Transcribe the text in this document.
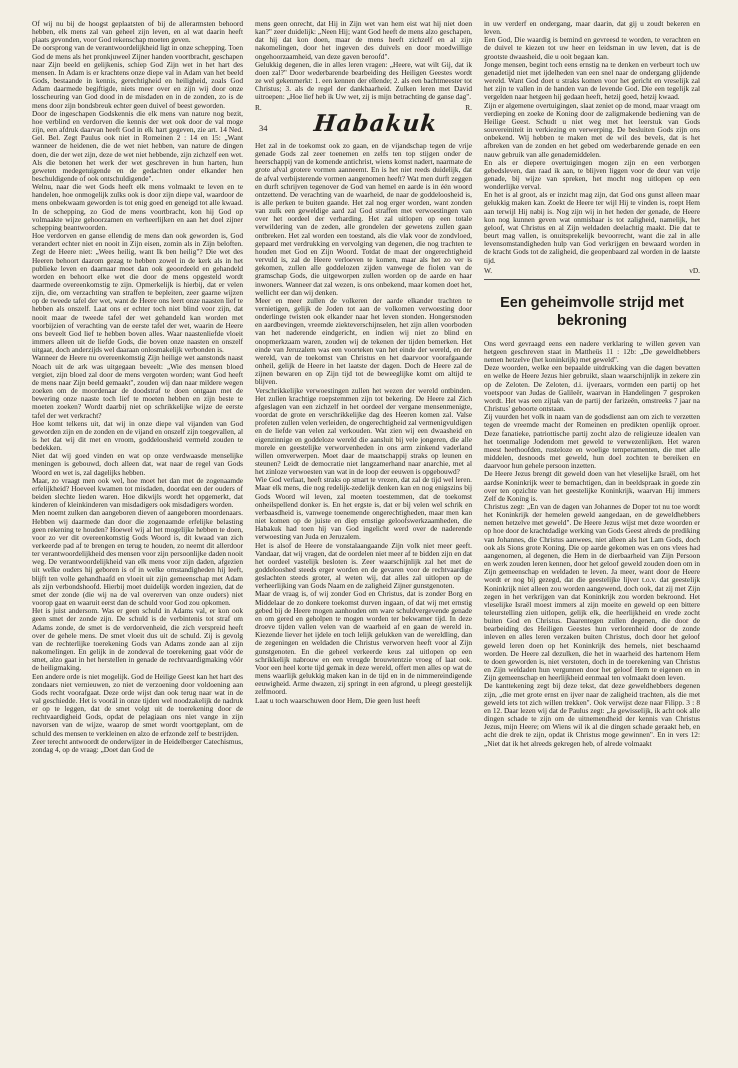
Of wij nu bij de hoogst geplaatsten of bij de allerarmsten behoord hebben, elk mens zal van geheel zijn leven, en al wat daarin heeft plaats gevonden, voor God rekenschap moeten geven.

De oorsprong van de verantwoordelijkheid ligt in onze schepping. Toen God de mens als het pronkjuweel Zijner handen voortbracht, geschapen naar Zijn beeld en gelijkenis, schiep God Zijn wet in het hart des mensen. In Adam is er krachtens onze diepe val in Adam van het beeld Gods, bestaande in kennis, gerechtigheid en heiligheid, zoals God Adam daarmede begiftigde, niets meer over en zijn wij door onze losscheuring van God dood in de misdaden en in de zonden, zo is de mens door zijn bondsbreuk echter geen duivel of beest geworden.

Door de ingeschapen Godskennis die elk mens van nature nog bezit, hoe verblind en verdorven die kennis der wet ook door de val moge zijn, een afdruk daarvan heeft God in elk hart gegeven, zie art. 14 Ned. Gel. Bel. Zegt Paulus ook niet in Romeinen 2 : 14 en 15: „Want wanneer de heidenen, die de wet niet hebben, van nature de dingen doen, die der wet zijn, deze de wet niet hebbende, zijn zichzelf een wet. Als die betonen het werk der wet geschreven in hun harten, hun geweten medegetuigende en de gedachten onder elkander hen beschuldigende of ook ontschuldigende".

Welnu, naar die wet Gods heeft elk mens volmaakt te leven en te handelen, hoe onmogelijk zulks ook is door zijn diepe val, waardoor de mens onbekwaam geworden is tot enig goed en geneigd tot alle kwaad. In de schepping, zo God de mens voortbracht, kon hij God op volmaakte wijze gehoorzamen en verheerlijken en aan het doel zijner schepping beantwoorden.

Hoe verdorven en ganse ellendig de mens dan ook geworden is, God verandert echter niet en nooit in Zijn eisen, zomin als in Zijn beloften. Zegt de Heere niet: „Wees heilig, want Ik ben heilig"? Die wet des Heeren behoort daarom gezag te hebben zowel in de kerk als in het publieke leven en daarnaar moet dan ook geoordeeld en gehandeld worden en behoort elke wet die door de mens opgesteld wordt daarmede overeenkomstig te zijn. Opmerkelijk is hierbij, dat er velen zijn, die, om verzachting van straffen te bepleiten, zeer gaarne wijzen op de tweede tafel der wet, want de Heere ons leert onze naasten lief te hebben als onszelf. Laat ons er echter toch niet blind voor zijn, dat nooit maar de tweede tafel der wet gehandeld kan worden met voorbijzien of verachting van de eerste tafel der wet, waarin de Heere ons beveelt God lief te hebben boven alles. Waar naastenliefde vloeit immers alleen uit de liefde Gods, die boven onze naasten en onszelf uitgaat, doch anderzijds wel daaraan onlosmakelijk verbonden is.

Wanneer de Heere nu overeenkomstig Zijn heilige wet aanstonds naast Noach uit de ark was uitgegaan beveelt: „Wie des mensen bloed vergiet, zijn bloed zal door de mens vergoten worden; want God heeft de mens naar Zijn beeld gemaakt", zouden wij dan naar mildere wegen zoeken om de moordenaar de doodstraf te doen ontgaan met de bewering onze naaste toch lief te moeten hebben en zijn beste te moeten zoeken? Wordt daarbij niet op schrikkelijke wijze de eerste tafel der wet verkracht?

Hoe komt telkens uit, dat wij in onze diepe val vijanden van God geworden zijn en de zonden en de vijand en onszelf zijn toegevallen, al is het dat wij dit met en vroom, goddeloosheid vermeld zouden te bedekken.

Niet dat wij goed vinden en wat op onze verdwaasde menselijke meningen is gebouwd, doch alleen dat, wat naar de regel van Gods Woord en wet is, zal dagelijks hebben.

Maar, zo vraagt men ook wel, hoe moet het dan met de zogenaamde erfelijkheid? Hoeveel kwamen tot misdaden, doordat een der ouders of beiden slechte lieden waren. Hoe dikwijls wordt het opgemerkt, dat kinderen of kleinkinderen van misdadigers ook misdadigers worden.

Men noemt zulken dan aangeboren dieven of aangeboren moordenaars. Hebben wij daarmede dan door die zogenaamde erfelijke belasting geen rekening te houden? Hoewel wij al het mogelijke hebben te doen, voor zo ver dit overeenkomstig Gods Woord is, dit kwaad van zich verkeerde pad af te brengen en terug te houden, zo neemt dit allerdoor ter verantwoordelijkheid des mensen voor zijn persoonlijke daden nooit weg. De verantwoordelijkheid van elk mens voor zijn daden, afgezien uit welke ouders hij geboren is of in welke omstandigheden hij leeft, blijft ten volle gehandhaafd en vloeit uit zijn gemeenschap met Adam als zijn verbondshoofd. Hierbij moet duidelijk worden ingezien, dat de smet der zonde (die wij na de val overerven van onze ouders) niet voorop gaat en waaruit eerst dan de schuld voor God zou opkomen.

Het is juist andersom. Was er geen schuld in Adams val, er kon ook geen smet der zonde zijn. De schuld is de verbintenis tot straf om Adams zonde, de smet is de verdorvenheid, die zich verspreid heeft over de gehele mens. De smet vloeit dus uit de schuld. Zij is gevolg van de rechterlijke toerekening Gods van Adams zonde aan al zijn nakomelingen. En gelijk in de zondeval de toerekening gaat vóór de smet, alzo gaat in het herstellen in genade de rechtvaardigmaking vóór de heiligmaking.

Een andere orde is niet mogelijk. God de Heilige Geest kan het hart des zondaars niet vernieuwen, zo niet de verzoening door voldoening aan Gods recht voorafgaat. Deze orde wijst dan ook terug naar wat in de val geschiedde. Het is voorál in onze tijden wel noodzakelijk de nadruk er op te leggen, dat de smet volgt uit de toerekening door de rechtvaardigheid Gods, opdat de pelagiaan ons niet vange in zijn navorsen van de wijze, waarop de smet wordt voortgeplant, om de schuld des mensen te verkleinen en alzo de erfzonde zelf te bestrijden.

Zeer terecht antwoordt de onderwijzer in de Heidelberger Catechismus, zondag 4, op de vraag: „Doet dan God de

mens geen onrecht, dat Hij in Zijn wet van hem eist wat hij niet doen kan?" zeer duidelijk: „Neen Hij; want God heeft de mens alzo geschapen, dat hij dat kon doen, maar de mens heeft zichzelf en al zijn nakomelingen, door het ingeven des duivels en door moedwillige ongehoorzaamheid, van deze gaven beroofd".

Gelukkig degenen, die in alles leren vragen: „Heere, wat wilt Gij, dat ik doen zal?" Door wederbarende bearbeiding des Heiligen Geestes wordt ze wel gekenmerkt: 1. een kennen der ellende; 2. als een bachtmeester tot Christus; 3. als de regel der dankbaarheid. Zulken leren met David uitroepen: „Hoe lief heb ik Uw wet, zij is mijn betrachting de ganse dag".

R.	R.
34 Habakuk

Het zal in de toekomst ook zo gaan, en de vijandschap tegen de vrije genade Gods zal zeer toenemen en zelfs ten top stijgen onder de heerschappij van de komende antichrist, wiens komst nadert, naarmate de grote afval grotere vormen aanneemt. En is het niet reeds duidelijk, dat de afval verbijsterende vormen aangenomen heeft? Wat men durft zeggen en durft schrijven tegenover de God van hemel en aarde is in één woord ontzettend. De verachting van de waarheid, de naar de goddeloosheid is, is alle perken te buiten gaande. Het zal nog erger worden, want zonden van zulk een geweldige aard zal God straffen met verwoestingen van over het oordeel der verharding. Het zal uitlopen op een totale verwildering van de zeden, alle grondelen der gewetens zullen gaan ontbreken. Het zal worden een toestand, als die vlak voor de zondvloed, gepaard met verdrukking en vervolging van degenen, die nog trachten te houden met God en Zijn Woord. Totdat de maat der ongerechtigheid vervuld is, zal de Heere verloeven te komen, maar als het zo ver is gekomen, zullen alle goddelozen zijden vanwege de fiolen van de gramschap Gods, die uitgeworpen zullen worden op de aarde en haar inwoners. Wanneer dat zal wezen, is ons onbekend, maar komen doet het, wellicht eer dan wij denken.

Meer en meer zullen de volkeren der aarde elkander trachten te vernietigen, gelijk de Joden tot aan de volkomen verwoesting door onderlinge twisten ook elkander naar het leven stonden. Hongersnoden en aardbevingen, vreemde ziekteverschijnselen, het zijn allen voorboden van het naderende eindgericht, en indien wij niet zo blind en onopmerkzaam waren, zouden wij de tekenen der tijden bemerken. Het einde van Jeruzalem was een voorteken van het einde der wereld, en der wereld, van de toekomst van Christus en het daarvoor voorafgaande onheil, gelijk de Heere in het laatste der dagen. Doch de Heere zal de zijnen bewaren en op Zijn tijd tot de beweeglijke komt om altijd te blijven.

Verschrikkelijke verwoestingen zullen het wezen der wereld ontbinden. Het zullen krachtige roepstemmen zijn tot bekering. De Heere zal Zich afgeslagen van een zichzelf in het oordeel der vergane mensenmenigte, voordat de grote en verschrikkelijke dag des Heeren komen zal. Valse profeten zullen velen verleiden, de ongerechtigheid zal vermenigvuldigen en de liefde van velen zal verkouden. Wat zien wij een dwaasheid en eigenzinnige en goddeloze wereld die aansluit bij vele jongeren, die alle morele en geestelijke verworvenheden in ons arm zinkend vaderland willen omverwerpen. Moet daar de maatschappij straks op leunen en steunen? Leidt de democratie niet langzamerhand naar anarchie, met al het zinloze verwoesten van wat in de loop der eeuwen is opgebouwd?

Wie God verlaat, heeft straks op smart te vrezen, dat zal de tijd wel leren. Maar elk mens, die nog redelijk-zedelijk denken kan en nog enigszins bij Gods Woord wil leven, zal moeten toestemmen, dat de toekomst onheilspellend donker is. En het ergste is, dat er bij velen wel schrik en verbaasdheid is, vanwege toenemende ongerechtigheden, maar men kan niet komen op de juiste en diep ernstige geloofswerkzaamheden, die Habakuk had toen hij van God ingelicht werd over de naderende verwoesting van Juda en Jeruzalem.

Het is alsof de Heere de vonstalaangaande Zijn volk niet meer geeft. Vandaar, dat wij vragen, dat de oordelen niet meer af te bidden zijn en dat het oordeel vastelijk besloten is. Zeer waarschijnlijk zal het met de goddelooshed steeds erger worden en de gevaren voor de rechtvaardige geslachten steeds groter, al weten wij, dat alles zal uitlopen op de verheerlijking van Gods Naam en de zaligheid Zijner gunstgenoten.

Maar de vraag is, of wij zonder God en Christus, dat is zonder Borg en Middelaar de zo donkere toekomst durven ingaan, of dat wij met ernstig gebed bij de Heere mogen aanhouden om ware schuldvergevende genade en om gered en geholpen te mogen worden ter bekwamer tijd. In deze droeve tijden vallen velen van de waarheid af en gaan de wereld in. Kiezende liever het ijdele en toch lelijk gelukken van de wereldling, dan de zegeningen en weldaden die Christus verworven heeft voor al Zijn gunstgenoten. En die geheel verkeerde keus zal uitlopen op een schrikkelijk nabrouw en een vreugde brouwtentzie vroeg of laat ook. Voor een heel korte tijd gemak in deze wereld, offert men alles op wat de mens waarlijk gelukkig maken kan in de tijd en in de nimmereindigende eeuwigheid. Arme dwazen, zij springt in een afgrond, u pleegt geestelijk zelfmoord.

Laat u toch waarschuwen door Hem, Die geen lust heeft

in uw verderf en ondergang, maar daarin, dat gij u zoudt bekeren en leven.

Een God, Die waardig is bemind en gevreesd te worden, te verachten en de duivel te kiezen tot uw heer en leidsman in uw leven, dat is de grootste dwaasheid, die u ooit begaan kan.

Jonge mensen, begint toch eens ernstig na te denken en verbeurt toch uw genadetijd niet met ijdelheden van een snel naar de ondergang glijdende wereld. Want God doet u straks komen voor het gericht en vreselijk zal het zijn te vallen in de handen van de levende God. Die een tegelijk zal vergelden naar hetgeen hij gedaan heeft, hetzij goed, hetzij kwaad.

Zijn er algemene overtuigingen, slaat zeniet op de mond, maar vraagt om verdieping en zoeke de Koning door de zaligmakende bediening van de Heilige Geest. Schudt u niet weg met het leerstuk van Gods souvereiniteit in verkiezing en verwerping. De besluiten Gods zijn ons onbekend. Wij hebben te maken met de wil des bevels, dat is het afbreken van de zonden en het gebed om wederbarende genade en een nauw gebruik van alle genademiddelen.

En als er diepere overtuigingen mogen zijn en een verborgen gebedsleven, dan raad ik aan, te blijven liggen voor de deur van vrije genade, bij wijze van spreken, het mocht nog uitlopen op een wonderlijke verval.

En het is al groot, als er inzicht mag zijn, dat God ons gunst alleen maar gelukkig maken kan. Zoekt de Heere ter wijl Hij te vinden is, roept Hem aan terwijl Hij nabij is. Nog zijn wij in het heden der genade, de Heere kon nog kunnen geven wat onmisbaar is tot zaligheid, namelijk, het geloof, wat Christus en al Zijn weldaden deelachtig maakt. Die dat te beurt mag vallen, is onuitsprekelijk bevoorrecht, want die zal in alle levensomstandigheden hulp van God verkrijgen en bewaard worden in de kracht Gods tot de zaligheid, die geopenbaard zal worden in de laatste tijd.

W.	vD.
Een geheimvolle strijd met bekroning

Ons werd gevraagd eens een nadere verklaring te willen geven van hetgeen geschreven staat in Mattheüs 11 : 12b: „De geweldhebbers nemen hetzelve (het koninkrijk) met geweld".

Deze woorden, welke een bepaalde uitdrukking van die dagen bevatten en welke de Heere Jezus hier gebruikt, slaan waarschijnlijk in zekere zin op de Zeloten. De Zeloten, d.i. ijveraars, vormden een partij op het voetspoor van Judas de Galileër, waarvan in Handelingen 7 gesproken wordt. Het was een zijtak van de partij der farizeën, omstreeks 7 jaar na Christus' geboorte ontstaan.

Zij vuurden het volk in naam van de godsdienst aan om zich te verzetten tegen de vreemde macht der Romeinen en predikten openlijk oproer. Deze fanatieke, patriottische partij zocht alzo de religieuze idealen van het toenmalige Jodendom met geweld te verwezenlijken. Het waren meest heethoofden, rusteloze en woelige temperamenten, die met alle middelen, desnoods met geweld, hun doel zochten te bereiken en daarvoor hun gehele persoon inzetten.

De Heere Jezus brengt dit geweld doen van het vleselijke Israël, om het aardse Koninkrijk weer te bemachtigen, dan in beeldspraak in goede zin over ten opzichte van het geestelijke Koninkrijk, waarvan Hij immers Zelf de Koning is.

Christus zegt: „En van de dagen van Johannes de Doper tot nu toe wordt het Koninkrijk der hemelen geweld aangedaan, en de geweldhebbers nemen hetzelve met geweld". De Heere Jezus wijst met deze woorden er op hoe door de krachtdadige werking van Gods Geest alreds de prediking van Johannes, die Christus aanwees, niet alleen als het Lam Gods, doch ook als Sions grote Koning. Die op aarde gekomen was en ons vlees had aangenomen, al degenen, die Hem in de dierbaarheid van Zijn Persoon en werk zouden leren kennen, door het geloof geweld zouden doen om in Zijn gemeenschap en weldaden te leven. Ja meer, want door de Heere wordt er nog bij gezegd, dat die geestelijke lijver t.o.v. dat geestelijk Koninkrijk niet alleen zou worden aangewend, doch ook, dat zij met Zijn zegen in het verkrijgen van dat Koninkrijk zou worden bekroond. Het vleselijke Israël moest immers al zijn moeite en geweld op een bittere teleurstelling zien uitlopen, gelijk elk, die heerlijkheid en vrede zocht buiten God en Christus. Daarentegen zullen degenen, die door de bearbeiding des Heiligen Geestes hun verlorenheid door de zonde inleven en alles leren verzaken buiten Christus, doch door het geloof geweld leren doen op het Koninkrijk des hemels, niet beschaamd worden. De Heere zal dezulken, die het in waarheid des hartenom Hem te doen geworden is, niet verstoten, doch in de toerekening van Christus en Zijn weldaden hun vergunnen door het geloof Hem te eigenen en in Zijn gemeenschap en heerlijkheid eenmaal ten volmaakt doen leven.

De kanttekening zegt bij deze tekst, dat deze geweldhebbers degenen zijn, „die met grote ernst en ijver naar de zaligheid trachten, als die met geweld iets tot zich willen trekken". Ook verwijst deze naar Filipp. 3 : 8 en 12. Daar lezen wij dat de Paulus zegt: „Ja gewisselijk, ik acht ook alle dingen schade te zijn om de uitnemendheid der kennis van Christus Jezus, mijn Heere; om Wiens wil ik al die dingen schade geraakt heb, en acht die drek te zijn, opdat ik Christus moge gewinnen". En in vers 12: „Niet dat ik het alreeds gekregen heb, of alrede volmaakt
